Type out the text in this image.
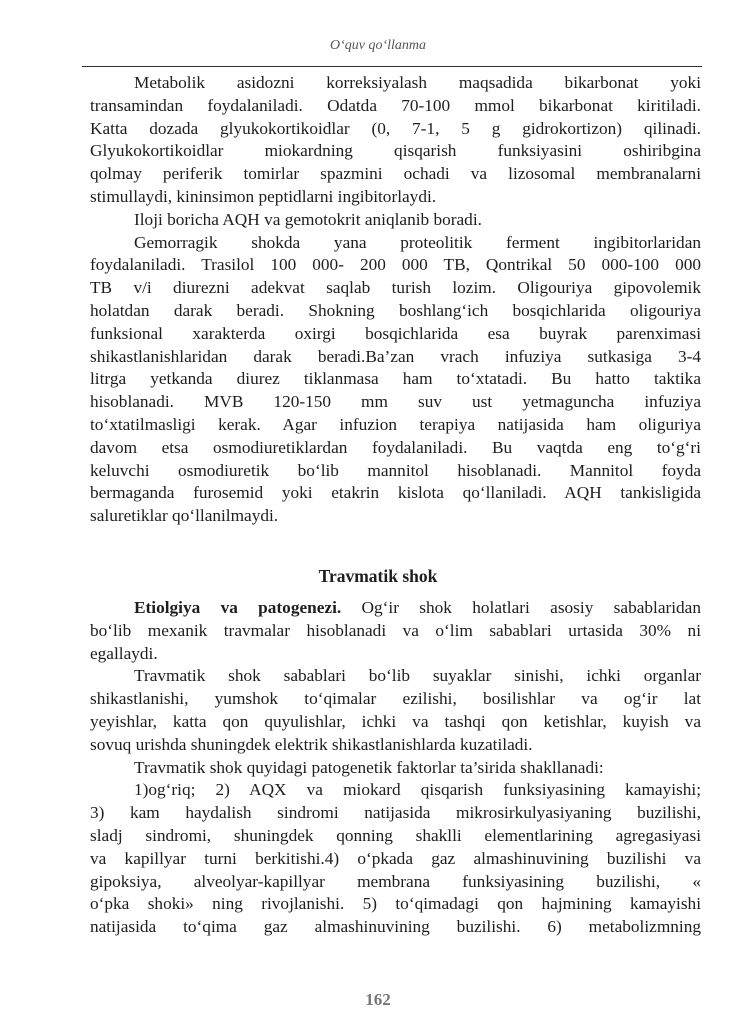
O‘quv qo‘llanma
Metabolik asidozni korreksiyalash maqsadida bikarbonat yoki
transamindan foydalaniladi. Odatda 70-100 mmol bikarbonat kiritiladi.
Katta dozada glyukokortikoidlar (0, 7-1, 5 g gidrokortizon) qilinadi.
Glyukokortikoidlar miokardning qisqarish funksiyasini oshiribgina
qolmay periferik tomirlar spazmini ochadi va lizosomal membranalarni
stimullaydi, kininsimon peptidlarni ingibitorlaydi.
Iloji boricha AQH va gemotokrit aniqlanib boradi.
Gemorragik shokda yana proteolitik ferment ingibitorlaridan
foydalaniladi. Trasilol 100 000- 200 000 TB, Qontrikal 50 000-100 000
TB v/i diurezni adekvat saqlab turish lozim. Oligouriya gipovolemik
holatdan darak beradi. Shokning boshlang‘ich bosqichlarida oligouriya
funksional xarakterda oxirgi bosqichlarida esa buyrak parenximasi
shikastlanishlaridan darak beradi.Ba’zan vrach infuziya sutkasiga 3-4
litrga yetkanda diurez tiklanmasa ham to‘xtatadi. Bu hatto taktika
hisoblanadi. MVB 120-150 mm suv ust yetmaguncha infuziya
to‘xtatilmasligi kerak. Agar infuzion terapiya natijasida ham oliguriya
davom etsa osmodiuretiklardan foydalaniladi. Bu vaqtda eng to‘g‘ri
keluvchi osmodiuretik bo‘lib mannitol hisoblanadi. Mannitol foyda
bermaganda furosemid yoki etakrin kislota qo‘llaniladi. AQH tankisligida
saluretiklar qo‘llanilmaydi.
Travmatik shok
Etiolgiya va patogenezi. Og‘ir shok holatlari asosiy sabablaridan
bo‘lib mexanik travmalar hisoblanadi va o‘lim sabablari urtasida 30% ni
egallaydi.
Travmatik shok sabablari bo‘lib suyaklar sinishi, ichki organlar
shikastlanishi, yumshok to‘qimalar ezilishi, bosilishlar va og‘ir lat
yeyishlar, katta qon quyulishlar, ichki va tashqi qon ketishlar, kuyish va
sovuq urishda shuningdek elektrik shikastlanishlarda kuzatiladi.
Travmatik shok quyidagi patogenetik faktorlar ta’sirida shakllanadi:
1)og‘riq; 2) AQX va miokard qisqarish funksiyasining kamayishi;
3) kam haydalish sindromi natijasida mikrosirkulyasiyaning buzilishi,
sladj sindromi, shuningdek qonning shaklli elementlarining agregasiyasi
va kapillyar turni berkitishi.4) o‘pkada gaz almashinuvining buzilishi va
gipoksiya, alveolyar-kapillyar membrana funksiyasining buzilishi, «
o‘pka shoki» ning rivojlanishi. 5) to‘qimadagi qon hajmining kamayishi
natijasida to‘qima gaz almashinuvining buzilishi. 6) metabolizmning
162
